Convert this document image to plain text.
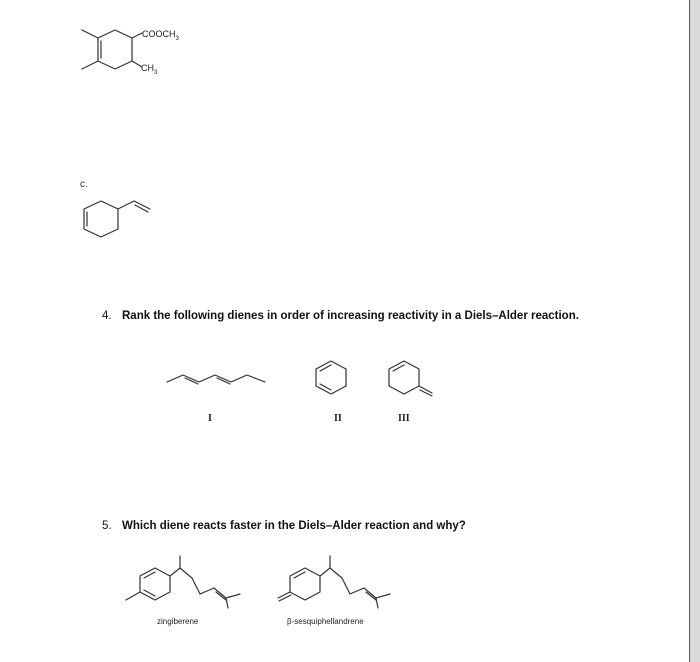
$COOCH_3$
$CH_3$
c.
4. Rank the following dienes in order of increasing reactivity in a Diels–Alder reaction.
I	II	III
5. Which diene reacts faster in the Diels–Alder reaction and why?
zingiberene	β-sesquiphellandrene
